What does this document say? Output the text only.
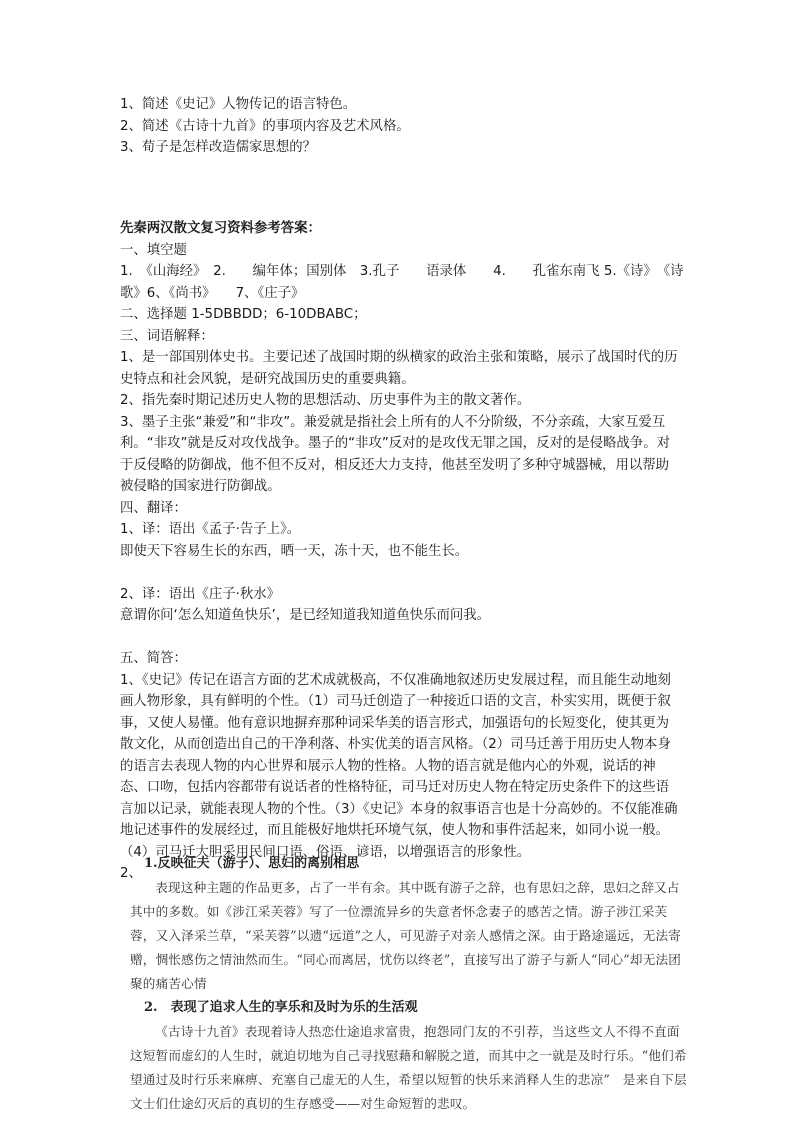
1、简述《史记》人物传记的语言特色。
2、简述《古诗十九首》的事项内容及艺术风格。
3、荀子是怎样改造儒家思想的？
先秦两汉散文复习资料参考答案：
一、填空题
1.　《山海经》　2.　　编年体；国别体　3.孔子　　语录体　　4.　　孔雀东南飞 5.《诗》　《诗
歌》6、《尚书》　　7、《庄子》
二、选择题 1-5DBBDD；6-10DBABC；
三、词语解释：
1、是一部国别体史书。主要记述了战国时期的纵横家的政治主张和策略，展示了战国时代的历史特点和社会风貌，是研究战国历史的重要典籍。
2、指先秦时期记述历史人物的思想活动、历史事件为主的散文著作。
3、墨子主张“兼爱”和“非攻”。兼爱就是指社会上所有的人不分阶级，不分亲疏，大家互爱互利。“非攻”就是反对攻伐战争。墨子的“非攻”反对的是攻伐无罪之国，反对的是侵略战争。对于反侵略的防御战，他不但不反对，相反还大力支持，他甚至发明了多种守城器械，用以帮助被侵略的国家进行防御战。
四、翻译：
1、译：语出《孟子·告子上》。
即使天下容易生长的东西，晒一天，冻十天，也不能生长。
2、译：语出《庄子·秋水》
意谓你问‘怎么知道鱼快乐’，是已经知道我知道鱼快乐而问我。
五、简答：
1、《史记》传记在语言方面的艺术成就极高，不仅准确地叙述历史发展过程，而且能生动地刻画人物形象，具有鲜明的个性。（1）司马迁创造了一种接近口语的文言，朴实实用，既便于叙事，又使人易懂。他有意识地摒弃那种词采华美的语言形式，加强语句的长短变化，使其更为散文化，从而创造出自己的干净利落、朴实优美的语言风格。（2）司马迁善于用历史人物本身的语言去表现人物的内心世界和展示人物的性格。人物的语言就是他内心的外观，说话的神态、口吻，包括内容都带有说话者的性格特征，司马迁对历史人物在特定历史条件下的这些语言加以记录，就能表现人物的个性。（3）《史记》本身的叙事语言也是十分高妙的。不仅能准确地记述事件的发展经过，而且能极好地烘托环境气氛，使人物和事件活起来，如同小说一般。（4）司马迁大胆采用民间口语、俗语、谚语，以增强语言的形象性。
2、
1.反映征夫（游子）、思妇的离别相思
表现这种主题的作品更多，占了一半有余。其中既有游子之辞，也有思妇之辞，思妇之辞又占其中的多数。如《涉江采芙蓉》写了一位漂流异乡的失意者怀念妻子的感苦之情。游子涉江采芙蓉，又入泽采兰草，“采芙蓉”以遗“远道”之人，可见游子对亲人感情之深。由于路途遥远，无法寄赠，惆怅感伤之情油然而生。“同心而离居，忧伤以终老”，直接写出了游子与新人“同心”却无法团聚的痛苦心情
2.　表现了追求人生的享乐和及时为乐的生活观
《古诗十九首》表现着诗人热恋仕途追求富贵，抱怨同门友的不引荐，当这些文人不得不直面这短暂而虚幻的人生时，就迫切地为自己寻找慰藉和解脱之道，而其中之一就是及时行乐。“他们希望通过及时行乐来麻痹、充塞自己虚无的人生，希望以短暂的快乐来消释人生的悲凉”　是来自下层文士们仕途幻灭后的真切的生存感受——对生命短暂的悲叹。
